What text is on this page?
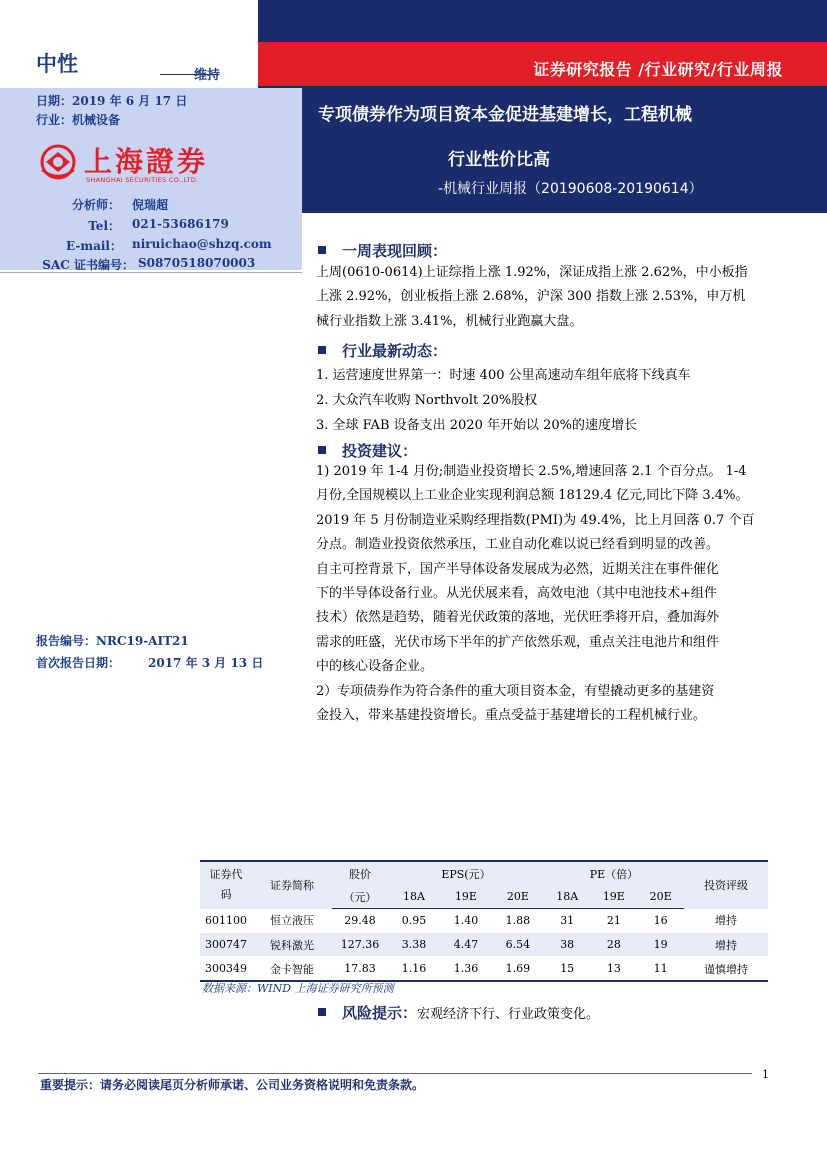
证券研究报告 /行业研究/行业周报
专项债券作为项目资本金促进基建增长，工程机械
行业性价比高
-机械行业周报（20190608-20190614）
中性	维持
日期：2019 年 6 月 17 日
行业：机械设备
上海證券
SHANGHAI SECURITIES CO.,LTD.
分析师： 倪瑞超
Tel： 021-53686179
E-mail： niruichao@shzq.com
SAC 证书编号： S0870518070003
报告编号：NRC19-AIT21
首次报告日期： 2017 年 3 月 13 日
一周表现回顾：
上周(0610-0614)上证综指上涨 1.92%，深证成指上涨 2.62%，中小板指
上涨 2.92%，创业板指上涨 2.68%，沪深 300 指数上涨 2.53%，申万机
械行业指数上涨 3.41%，机械行业跑赢大盘。
行业最新动态：
1. 运营速度世界第一：时速 400 公里高速动车组年底将下线真车
2. 大众汽车收购 Northvolt 20%股权
3. 全球 FAB 设备支出 2020 年开始以 20%的速度增长
投资建议：
1) 2019 年 1-4 月份;制造业投资增长 2.5%,增速回落 2.1 个百分点。 1-4
月份,全国规模以上工业企业实现利润总额 18129.4 亿元,同比下降 3.4%。
2019 年 5 月份制造业采购经理指数(PMI)为 49.4%，比上月回落 0.7 个百
分点。制造业投资依然承压，工业自动化难以说已经看到明显的改善。
自主可控背景下，国产半导体设备发展成为必然，近期关注在事件催化
下的半导体设备行业。从光伏展来看，高效电池（其中电池技术+组件
技术）依然是趋势，随着光伏政策的落地，光伏旺季将开启，叠加海外
需求的旺盛，光伏市场下半年的扩产依然乐观，重点关注电池片和组件
中的核心设备企业。
2）专项债券作为符合条件的重大项目资本金，有望撬动更多的基建资
金投入，带来基建投资增长。重点受益于基建增长的工程机械行业。
证券代
码	证券简称	股价	EPS(元）			PE（倍）			投资评级
		（元）	18A	19E	20E	18A	19E	20E	
601100	恒立液压	29.48	0.95	1.40	1.88	31	21	16	增持
300747	锐科激光	127.36	3.38	4.47	6.54	38	28	19	增持
300349	金卡智能	17.83	1.16	1.36	1.69	15	13	11	谨慎增持
数据来源：WIND 上海证券研究所预测
风险提示：宏观经济下行、行业政策变化。
1
重要提示：请务必阅读尾页分析师承诺、公司业务资格说明和免责条款。
